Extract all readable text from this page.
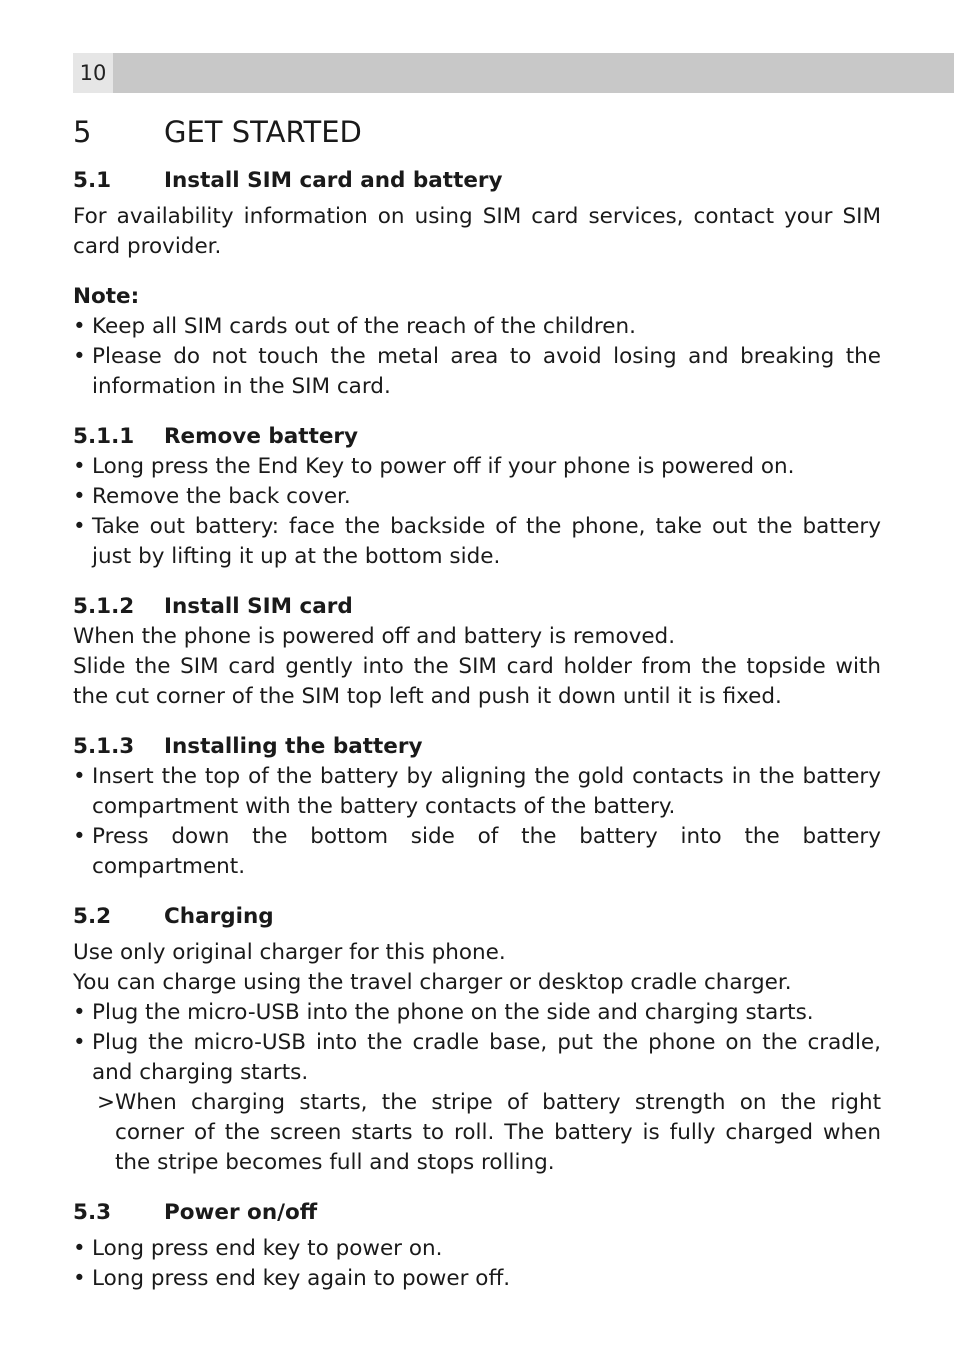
10
5	GET STARTED
5.1	Install SIM card and battery
For availability information on using SIM card services, contact your SIM card provider.
Note:
• Keep all SIM cards out of the reach of the children.
• Please do not touch the metal area to avoid losing and breaking the information in the SIM card.
5.1.1	Remove battery
• Long press the End Key to power off if your phone is powered on.
• Remove the back cover.
• Take out battery: face the backside of the phone, take out the battery just by lifting it up at the bottom side.
5.1.2	Install SIM card
When the phone is powered off and battery is removed.
Slide the SIM card gently into the SIM card holder from the topside with the cut corner of the SIM top left and push it down until it is fixed.
5.1.3	Installing the battery
• Insert the top of the battery by aligning the gold contacts in the battery compartment with the battery contacts of the battery.
• Press down the bottom side of the battery into the battery compartment.
5.2	Charging
Use only original charger for this phone.
You can charge using the travel charger or desktop cradle charger.
• Plug the micro-USB into the phone on the side and charging starts.
• Plug the micro-USB into the cradle base, put the phone on the cradle, and charging starts.
> When charging starts, the stripe of battery strength on the right corner of the screen starts to roll. The battery is fully charged when the stripe becomes full and stops rolling.
5.3	Power on/off
• Long press end key to power on.
• Long press end key again to power off.
